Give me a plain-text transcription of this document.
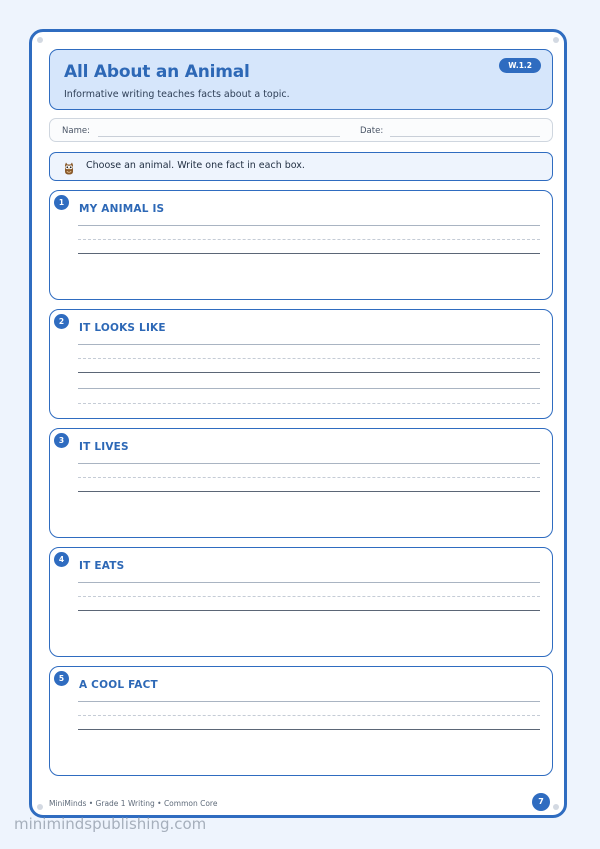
All About an Animal
Informative writing teaches facts about a topic.
W.1.2
Name:	Date:
Choose an animal. Write one fact in each box.
1
MY ANIMAL IS
2
IT LOOKS LIKE
3
IT LIVES
4
IT EATS
5
A COOL FACT
MiniMinds • Grade 1 Writing • Common Core	7
minimindspublishing.com
